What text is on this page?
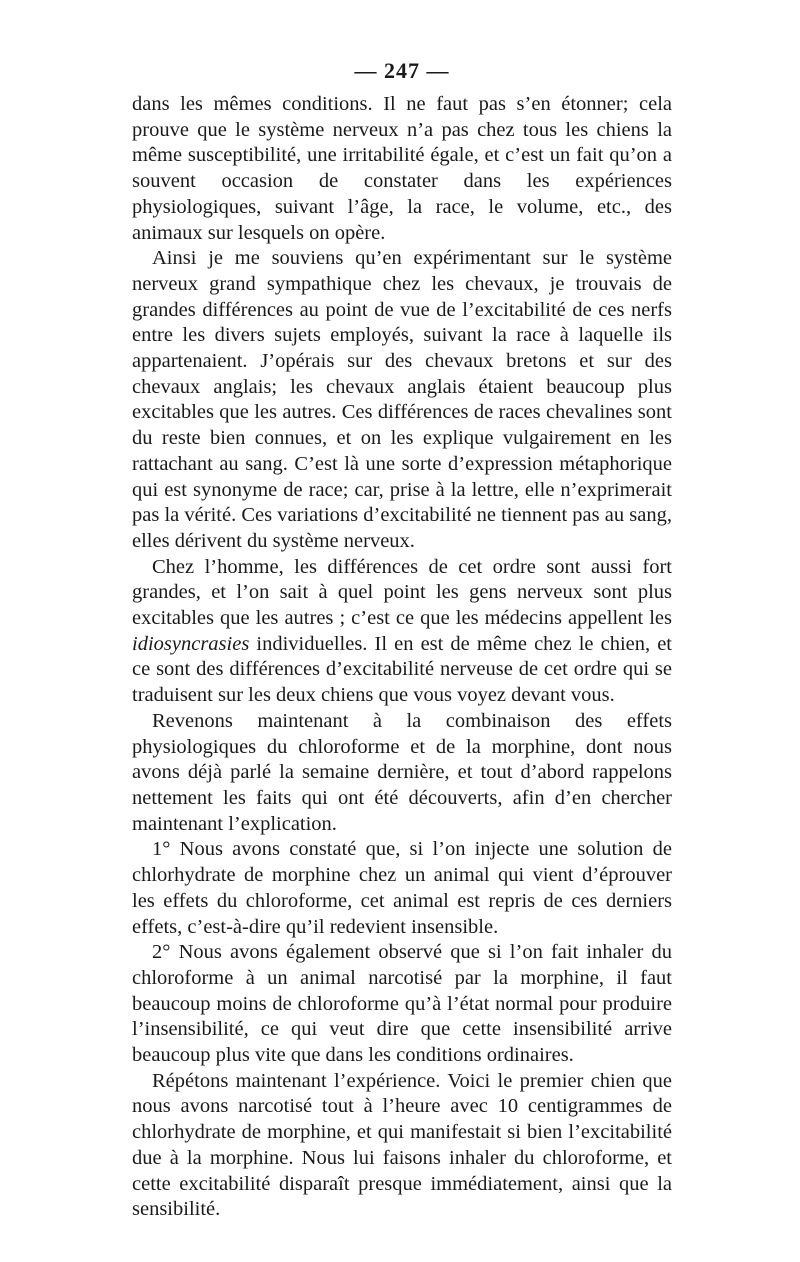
— 247 —

dans les mêmes conditions. Il ne faut pas s’en étonner; cela prouve que le système nerveux n’a pas chez tous les chiens la même susceptibilité, une irritabilité égale, et c’est un fait qu’on a souvent occasion de constater dans les expériences physiologiques, suivant l’âge, la race, le volume, etc., des animaux sur lesquels on opère.

Ainsi je me souviens qu’en expérimentant sur le système nerveux grand sympathique chez les chevaux, je trouvais de grandes différences au point de vue de l’excitabilité de ces nerfs entre les divers sujets employés, suivant la race à laquelle ils appartenaient. J’opérais sur des chevaux bretons et sur des chevaux anglais; les chevaux anglais étaient beaucoup plus excitables que les autres. Ces différences de races chevalines sont du reste bien connues, et on les explique vulgairement en les rattachant au sang. C’est là une sorte d’expression métaphorique qui est synonyme de race; car, prise à la lettre, elle n’exprimerait pas la vérité. Ces variations d’excitabilité ne tiennent pas au sang, elles dérivent du système nerveux.

Chez l’homme, les différences de cet ordre sont aussi fort grandes, et l’on sait à quel point les gens nerveux sont plus excitables que les autres ; c’est ce que les médecins appellent les idiosyncrasies individuelles. Il en est de même chez le chien, et ce sont des différences d’excitabilité nerveuse de cet ordre qui se traduisent sur les deux chiens que vous voyez devant vous.

Revenons maintenant à la combinaison des effets physiologiques du chloroforme et de la morphine, dont nous avons déjà parlé la semaine dernière, et tout d’abord rappelons nettement les faits qui ont été découverts, afin d’en chercher maintenant l’explication.

1° Nous avons constaté que, si l’on injecte une solution de chlorhydrate de morphine chez un animal qui vient d’éprouver les effets du chloroforme, cet animal est repris de ces derniers effets, c’est-à-dire qu’il redevient insensible.

2° Nous avons également observé que si l’on fait inhaler du chloroforme à un animal narcotisé par la morphine, il faut beaucoup moins de chloroforme qu’à l’état normal pour produire l’insensibilité, ce qui veut dire que cette insensibilité arrive beaucoup plus vite que dans les conditions ordinaires.

Répétons maintenant l’expérience. Voici le premier chien que nous avons narcotisé tout à l’heure avec 10 centigrammes de chlorhydrate de morphine, et qui manifestait si bien l’excitabilité due à la morphine. Nous lui faisons inhaler du chloroforme, et cette excitabilité disparaît presque immédiatement, ainsi que la sensibilité.
